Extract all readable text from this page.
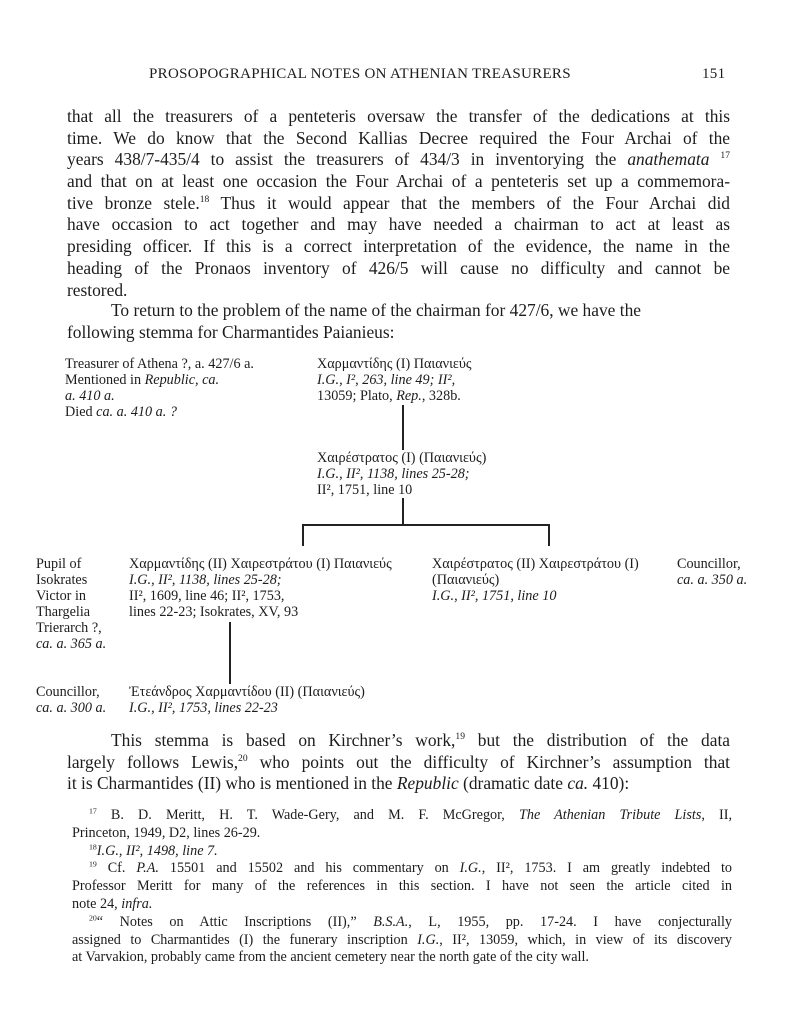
PROSOPOGRAPHICAL NOTES ON ATHENIAN TREASURERS	151
that all the treasurers of a penteteris oversaw the transfer of the dedications at this
time. We do know that the Second Kallias Decree required the Four Archai of the
years 438/7-435/4 to assist the treasurers of 434/3 in inventorying the anathemata $^{17}$
and that on at least one occasion the Four Archai of a penteteris set up a commemora-
tive bronze stele.$^{18}$ Thus it would appear that the members of the Four Archai did
have occasion to act together and may have needed a chairman to act at least as
presiding officer. If this is a correct interpretation of the evidence, the name in the
heading of the Pronaos inventory of 426/5 will cause no difficulty and cannot be
restored.
To return to the problem of the name of the chairman for 427/6, we have the
following stemma for Charmantides Paianieus:
Treasurer of Athena ?, a. 427/6 a.
Mentioned in Republic, ca.
a. 410 a.
Died ca. a. 410 a. ?
Χαρμαντίδης (Ι) Παιανιεύς
I.G., I², 263, line 49; II²,
13059; Plato, Rep., 328b.
Χαιρέστρατος (Ι) (Παιανιεύς)
I.G., II², 1138, lines 25-28;
II², 1751, line 10
Pupil of
Isokrates
Victor in
Thargelia
Trierarch ?,
ca. a. 365 a.
Χαρμαντίδης (ΙΙ) Χαιρεστράτου (Ι) Παιανιεύς
I.G., II², 1138, lines 25-28;
II², 1609, line 46; II², 1753,
lines 22-23; Isokrates, XV, 93
Χαιρέστρατος (ΙΙ) Χαιρεστράτου (Ι)
(Παιανιεύς)
I.G., II², 1751, line 10
Councillor,
ca. a. 350 a.
Councillor,
ca. a. 300 a.
Ἐτεάνδρος Χαρμαντίδου (ΙΙ) (Παιανιεύς)
I.G., II², 1753, lines 22-23
This stemma is based on Kirchner’s work,$^{19}$ but the distribution of the data
largely follows Lewis,$^{20}$ who points out the difficulty of Kirchner’s assumption that
it is Charmantides (II) who is mentioned in the Republic (dramatic date ca. 410):
$^{17}$ B. D. Meritt, H. T. Wade-Gery, and M. F. McGregor, The Athenian Tribute Lists, II,
Princeton, 1949, D2, lines 26-29.
$^{18}$I.G., II², 1498, line 7.
$^{19}$ Cf. P.A. 15501 and 15502 and his commentary on I.G., II², 1753. I am greatly indebted to
Professor Meritt for many of the references in this section. I have not seen the article cited in
note 24, infra.
$^{20}$“ Notes on Attic Inscriptions (II),” B.S.A., L, 1955, pp. 17-24. I have conjecturally
assigned to Charmantides (I) the funerary inscription I.G., II², 13059, which, in view of its discovery
at Varvakion, probably came from the ancient cemetery near the north gate of the city wall.
